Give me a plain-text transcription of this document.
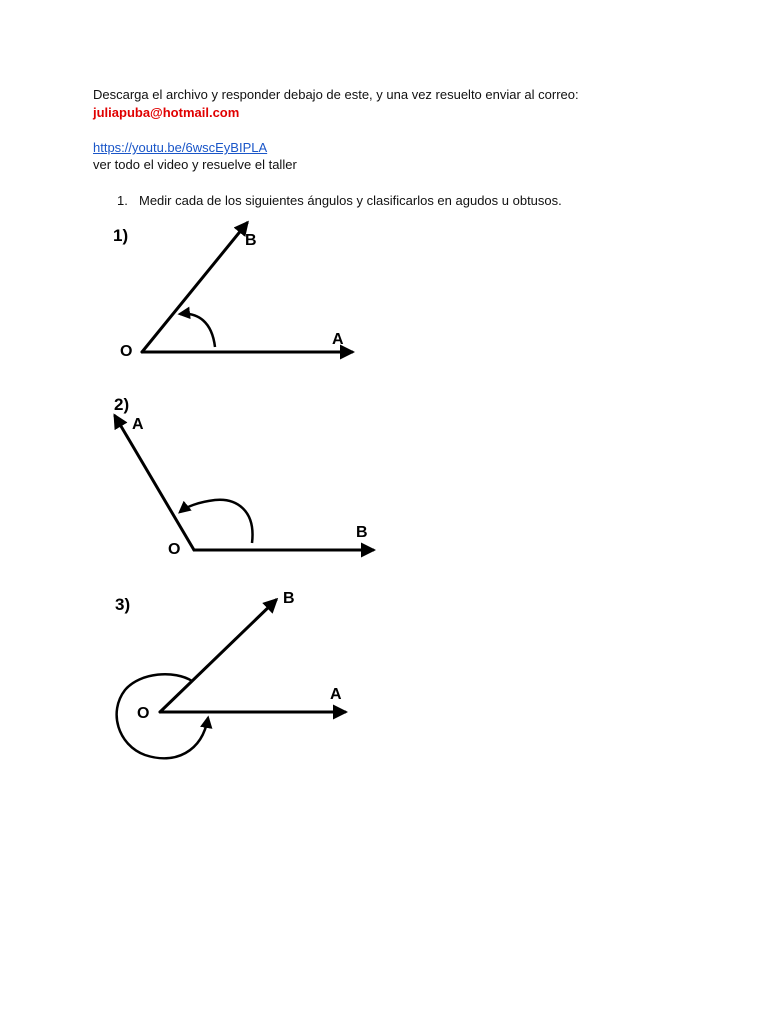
Descarga el archivo y responder debajo de este, y una vez resuelto enviar al correo:
juliapuba@hotmail.com
https://youtu.be/6wscEyBIPLA
ver todo el video y resuelve el taller
1. Medir cada de los siguientes ángulos y clasificarlos en agudos u obtusos.
1)
O
A
B
2)
O
A
B
3)
O
B
A
